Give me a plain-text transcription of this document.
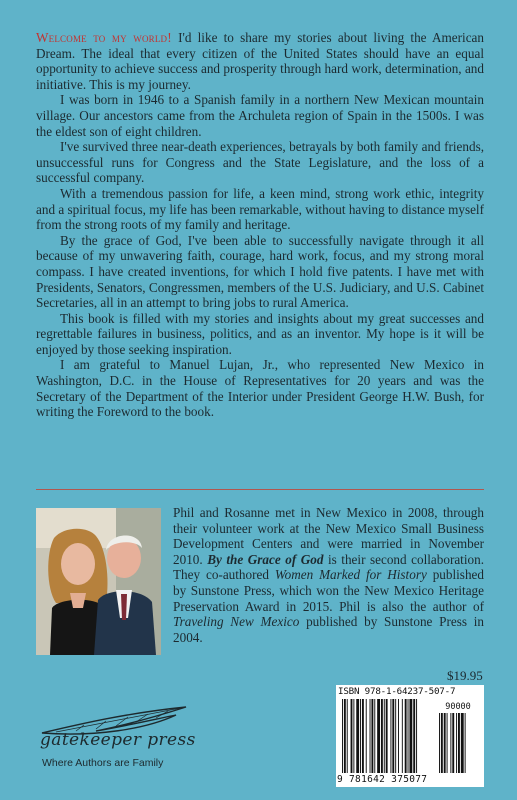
Welcome to my world! I'd like to share my stories about living the American Dream. The ideal that every citizen of the United States should have an equal opportunity to achieve success and prosperity through hard work, determination, and initiative. This is my journey.

I was born in 1946 to a Spanish family in a northern New Mexican mountain village. Our ancestors came from the Archuleta region of Spain in the 1500s. I was the eldest son of eight children.

I've survived three near-death experiences, betrayals by both family and friends, unsuccessful runs for Congress and the State Legislature, and the loss of a successful company.

With a tremendous passion for life, a keen mind, strong work ethic, integrity and a spiritual focus, my life has been remarkable, without having to distance myself from the strong roots of my family and heritage.

By the grace of God, I've been able to successfully navigate through it all because of my unwavering faith, courage, hard work, focus, and my strong moral compass. I have created inventions, for which I hold five patents. I have met with Presidents, Senators, Congressmen, members of the U.S. Judiciary, and U.S. Cabinet Secretaries, all in an attempt to bring jobs to rural America.

This book is filled with my stories and insights about my great successes and regrettable failures in business, politics, and as an inventor. My hope is it will be enjoyed by those seeking inspiration.

I am grateful to Manuel Lujan, Jr., who represented New Mexico in Washington, D.C. in the House of Representatives for 20 years and was the Secretary of the Department of the Interior under President George H.W. Bush, for writing the Foreword to the book.

Phil and Rosanne met in New Mexico in 2008, through their volunteer work at the New Mexico Small Business Development Centers and were married in November 2010. By the Grace of God is their second collaboration. They co-authored Women Marked for History published by Sunstone Press, which won the New Mexico Heritage Preservation Award in 2015. Phil is also the author of Traveling New Mexico published by Sunstone Press in 2004.
$19.95
90000
ISBN 978-1-64237-507-7
9 781642 375077
gatekeeper press
Where Authors are Family
